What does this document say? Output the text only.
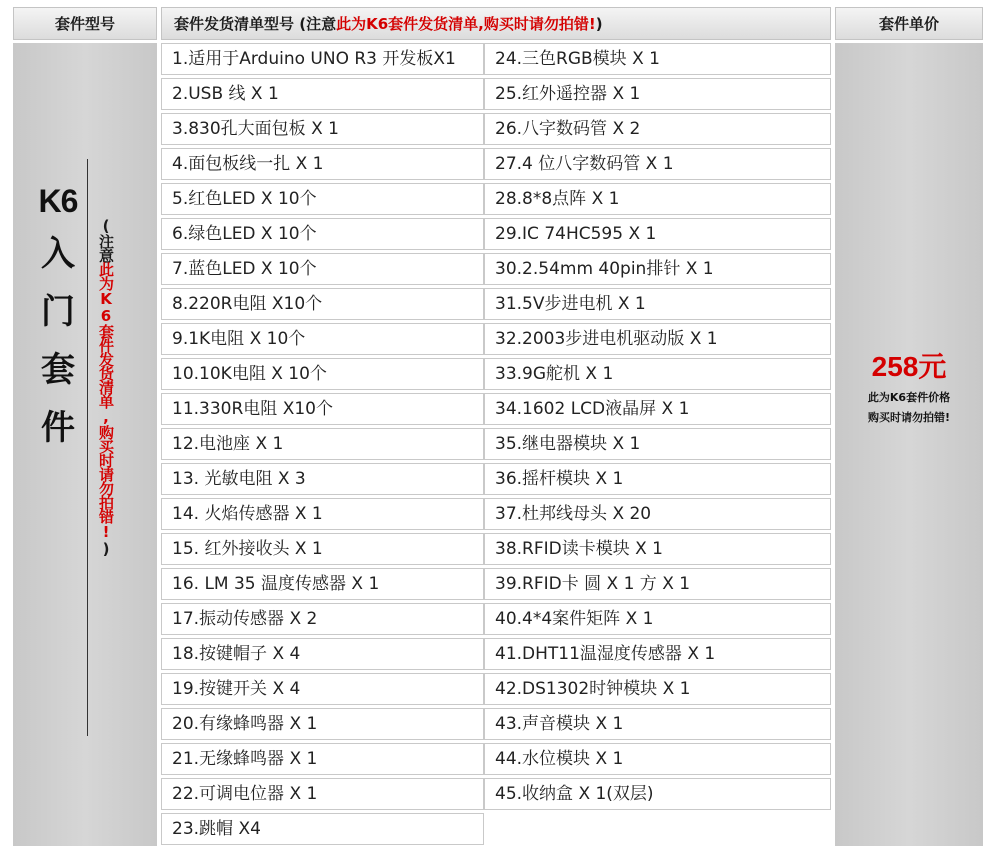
套件型号
K6
入
门
套
件
(注意此为K6套件发货清单,购买时请勿拍错!)
套件发货清单型号 (注意 此为K6套件发货清单,购买时请勿拍错! )
1.适用于Arduino UNO R3 开发板X1	24.三色RGB模块 X 1
2.USB 线 X 1	25.红外遥控器 X 1
3.830孔大面包板 X 1	26.八字数码管 X 2
4.面包板线一扎 X 1	27.4 位八字数码管 X 1
5.红色LED X 10个	28.8*8点阵 X 1
6.绿色LED X 10个	29.IC 74HC595 X 1
7.蓝色LED X 10个	30.2.54mm 40pin排针 X 1
8.220R电阻 X10个	31.5V步进电机 X 1
9.1K电阻 X 10个	32.2003步进电机驱动版 X 1
10.10K电阻 X 10个	33.9G舵机 X 1
11.330R电阻 X10个	34.1602 LCD液晶屏 X 1
12.电池座 X 1	35.继电器模块 X 1
13. 光敏电阻 X 3	36.摇杆模块 X 1
14. 火焰传感器 X 1	37.杜邦线母头 X 20
15. 红外接收头 X 1	38.RFID读卡模块 X 1
16. LM 35 温度传感器 X 1	39.RFID卡 圆 X 1 方 X 1
17.振动传感器 X 2	40.4*4案件矩阵 X 1
18.按键帽子 X 4	41.DHT11温湿度传感器 X 1
19.按键开关 X 4	42.DS1302时钟模块 X 1
20.有缘蜂鸣器 X 1	43.声音模块 X 1
21.无缘蜂鸣器 X 1	44.水位模块 X 1
22.可调电位器 X 1	45.收纳盒 X 1(双层)
23.跳帽 X4
套件单价
258元
此为K6套件价格
购买时请勿拍错!
